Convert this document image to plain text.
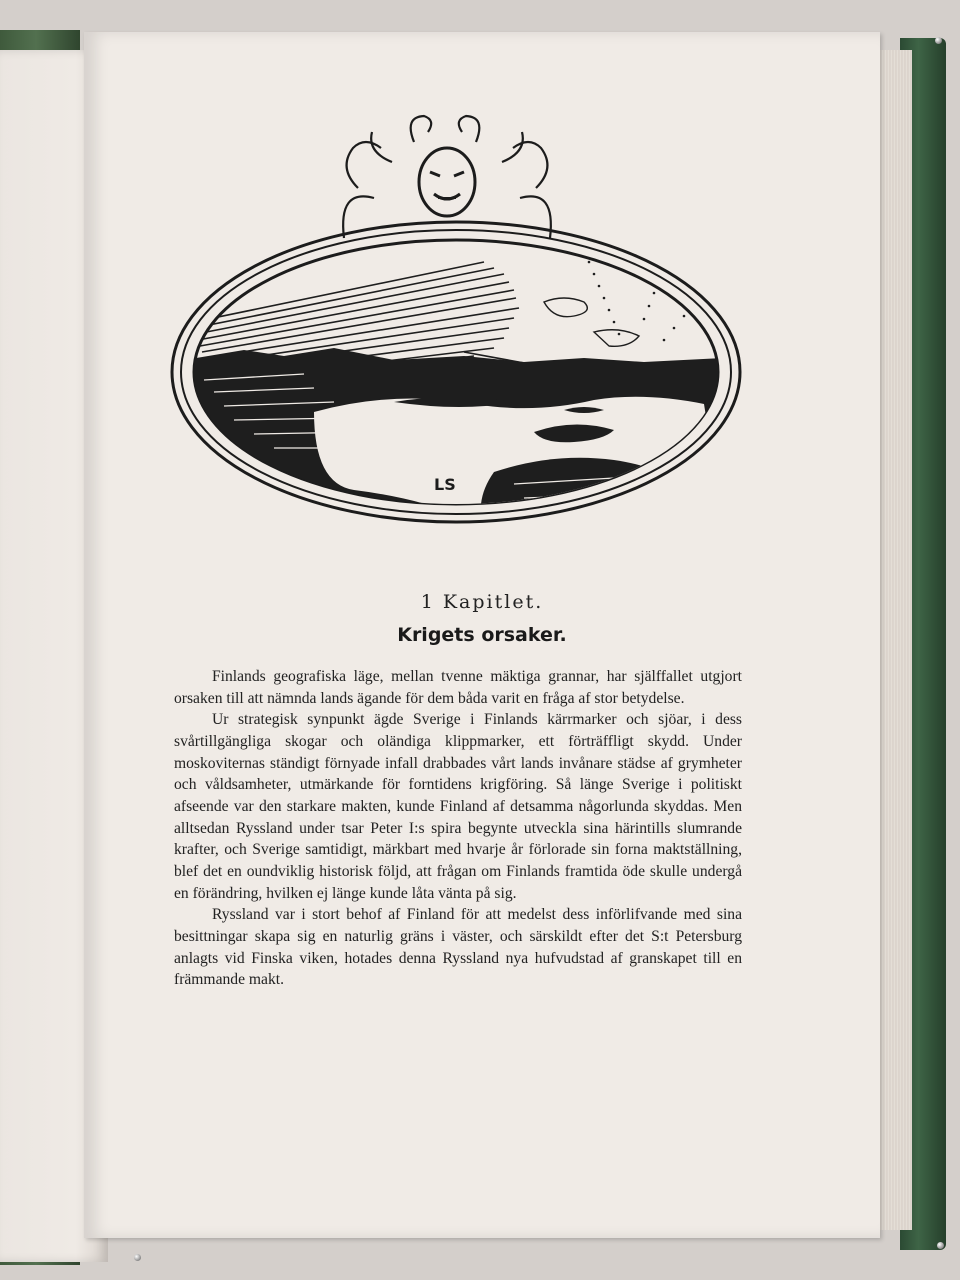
LS
1 Kapitlet.
Krigets orsaker.

Finlands geografiska läge, mellan tvenne mäktiga grannar, har själffallet utgjort orsaken till att nämnda lands ägande för dem båda varit en fråga af stor betydelse.

Ur strategisk synpunkt ägde Sverige i Finlands kärrmarker och sjöar, i dess svårtillgängliga skogar och oländiga klippmarker, ett förträffligt skydd. Under moskoviternas ständigt förnyade infall drabbades vårt lands invånare städse af grymheter och våldsamheter, utmärkande för forntidens krigföring. Så länge Sverige i politiskt afseende var den starkare makten, kunde Finland af detsamma någorlunda skyddas. Men alltsedan Ryssland under tsar Peter I:s spira begynte utveckla sina härintills slumrande krafter, och Sverige samtidigt, märkbart med hvarje år förlorade sin forna maktställning, blef det en oundviklig historisk följd, att frågan om Finlands framtida öde skulle undergå en förändring, hvilken ej länge kunde låta vänta på sig.

Ryssland var i stort behof af Finland för att medelst dess införlifvande med sina besittningar skapa sig en naturlig gräns i väster, och särskildt efter det S:t Petersburg anlagts vid Finska viken, hotades denna Ryssland nya hufvudstad af granskapet till en främmande makt.
